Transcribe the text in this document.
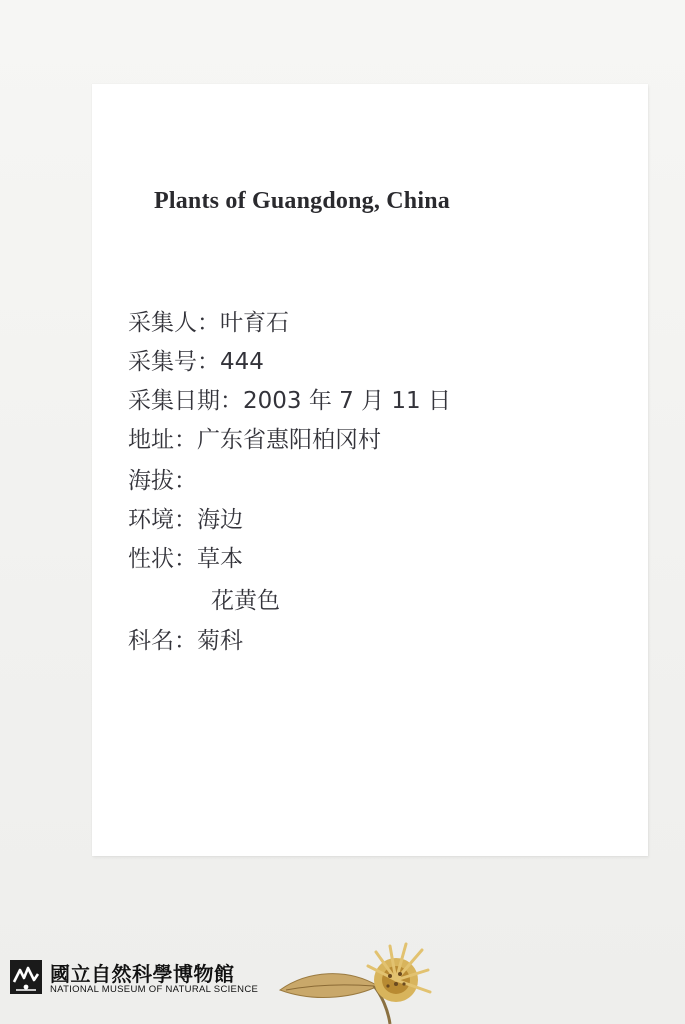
Plants of Guangdong, China
采集人：叶育石
采集号：444
采集日期：2003 年 7 月 11 日
地址：广东省惠阳柏冈村
海拔：
环境：海边
性状：草本
花黄色
科名：菊科
國立自然科學博物館
NATIONAL MUSEUM OF NATURAL SCIENCE
